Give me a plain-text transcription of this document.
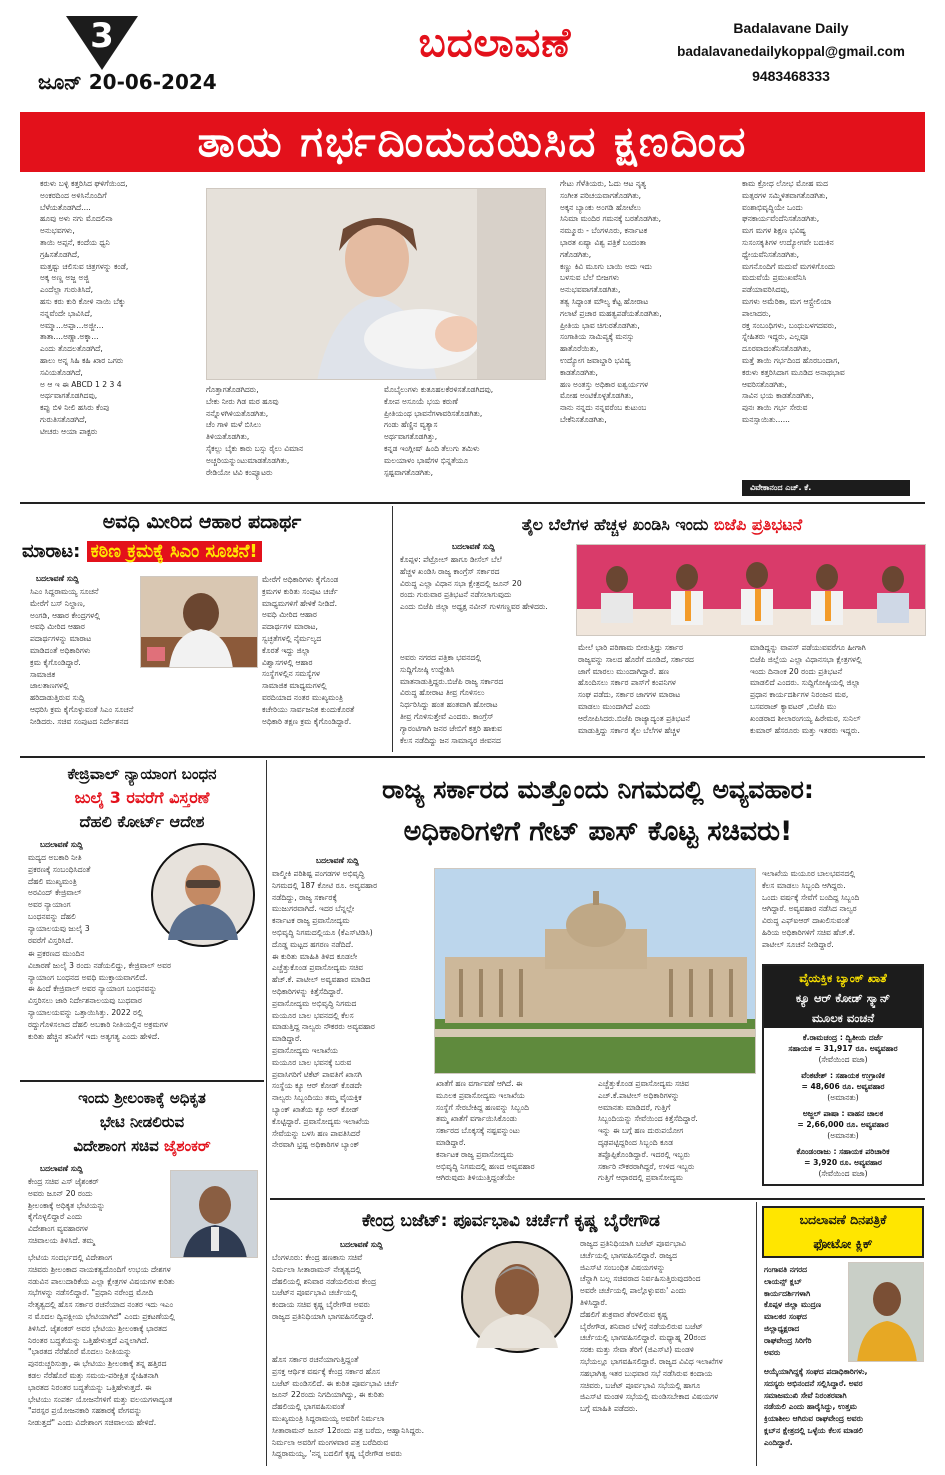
3
ಜೂನ್ 20-06-2024
ಬದಲಾವಣೆ	Badalavane Daily
badalavanedailykoppal@gmail.com
9483468333
ತಾಯ ಗರ್ಭದಿಂದುದಯಿಸಿದ ಕ್ಷಣದಿಂದ
ಕರುಳು ಬಳ್ಳಿ ಕತ್ತರಿಸಿದ ಘಳಿಗೆಯಿಂದ,
ಅಂಕರದಿಂದ ಅಳಿಸಿನೊಂದಿಗೆ
ಬೆಳೆಯತೊಡಗಿದೆ....
ಹೂವು ಅಳು ನಗು ಮೊದಲಿನಾ
ಅನುಭವಗಳು,
ತಾಯಿ ಅಪ್ಪನೆ, ಕಂದೆಯ ಧ್ವನಿ
ಗ್ರಹಿಸತೊಡಗಿದೆ,
ಮತ್ತಷ್ಟು ಚಲಿಸುವ ಚಿತ್ರಗಳನ್ನು ಕಂಡೆ,
ಅಕ್ಕ ಅಣ್ಣ ಅಜ್ಜ ಅಜ್ಜಿ
ಎಂದೆಲ್ಲಾ ಗುರುತಿಸಿದೆ,
ಹಸು ಕರು ಕುರಿ ಕೋಳಿ ನಾಯಿ ಬೆಕ್ಕು
ನನ್ನವೆಂದೇ ಭಾವಿಸಿದೆ,
ಅಮ್ಮಾ...ಅಪ್ಪಾ...ಅಜ್ಜೀ...
ತಾತಾ....ಅಣ್ಣಾ.ಅಕ್ಕಾ...
ಎಂದು ತೊದಲತೊಡಗಿದೆ,
ಹಾಲು ಅನ್ನ ಸಿಹಿ ಕಹಿ ಖಾರ ಒಗರು
ಸವಿಯತೊಡಗಿದೆ,
ಅ ಆ ಇ ಈ ABCD 1 2 3 4
ಅರ್ಥವಾಗತೊಡಗಿದವು,
ಕಪ್ಪು ಬಿಳಿ ನೀಲಿ ಹಸಿರು ಕೆಂಪು
ಗುರುತಿಸತೊಡಗಿದೆ,
ಟೀಚರು ಆಯಾ ಪಾಕ್ಟರು
ಗೊತ್ತಾಗತೊಡಗಿದರು,
ಬೇಕು ನೀರು ಗಿಡ ಮರ ಹೂವು
ನನ್ನೊಳಗಿಳಿಯತೊಡಗಿತು,
ಚೆಂ ಗಾಳಿ ಮಳೆ ಬಿಸಿಲು
ತಿಳಿಯತೊಡಗಿತು,
ಸೈಕಲ್ಲು ಬೈಕು ಕಾರು ಬಸ್ಸು ರೈಲು ವಿಮಾನ
ಅಚ್ಚರಿಯನ್ನುಂಟುಮಾಡತೊಡಗಿತು,
ರೇಡಿಯೋ ಟಿವಿ ಕಂಪ್ಯೂಟರು
ಮೊಬೈಲುಗಳು ಕುತೂಹಲಕೆರಳಿಸತೊಡಗಿದವು,
ಕೋಪ ಅಸೂಯೆ ಭಯ ಕರುಣೆ
ಪ್ರೀತಿಯಂಥ ಭಾವನೆಗಳಾವರಿಸತೊಡಗಿತು,
ಗಂಡು ಹೆಣ್ಣಿನ ವ್ಯತ್ಯಾಸ
ಅರ್ಥವಾಗತೊಡಗಿತ್ತು,
ಕನ್ನಡ ಇಂಗ್ಲೀಷ್ ಹಿಂದಿ ತೆಲುಗು ತಮಿಳು
ಮಲಯಾಳಂ ಭಾಷೆಗಳ ಭಿನ್ನತೆಯೂ
ಸ್ಪಷ್ಟವಾಗತೊಡಗಿತು,
ಗೇಟು ಗೆಳೆತಿಯರು, ಓದು ಆಟ ನೃತ್ಯ
ಸಂಗೀತ ಪರಿಚಯವಾಗತೊಡಗಿತು,
ಅಕ್ಕನ ಬ್ಯಾಂಕು ಅಂಗಡಿ ಹೋಟೆಲು
ಸಿನಿಮಾ ಮಂದಿರ ಗಮನಕ್ಕೆ ಬರತೊಡಗಿತು,
ನಮ್ಮೂರು - ಬೆಂಗಳೂರು, ಕರ್ನಾಟಕ
ಭಾರತ ಏಷ್ಯಾ ವಿಶ್ವ ಪತ್ರಿಕೆ ಬಂದಂತಾ
ಗತೊಡಗಿತು,
ಕಣ್ಣು ಕಿವಿ ಮೂಗು ಬಾಯಿ ಅದು ಇದು
ಬಳಸುವ ಬೆಲೆ ಬೀಜಗಳು
ಅನುಭವವಾಗತೊಡಗಿತು,
ತತ್ವ ಸಿದ್ಧಾಂತ ಮೌಲ್ಯ ಕೆಟ್ಟ ಹೋರಾಟ
ಗಲಾಟೆ ಪ್ರಚಾರ ಮಹತ್ವಪಡೆಯತೊಡಗಿತು,
ಪ್ರೀತಿಯ ಭಾವ ಚಿಗುರತೊಡಗಿತು,
ಸಂಗಾತಿಯ ಸಾಮಿಪ್ಯಕ್ಕೆ ಮನಸ್ಸು
ಹಾತೊರೆಯಿತು,
ಉದ್ಯೋಗ ಜವಾಬ್ದಾರಿ ಭವಿಷ್ಯ
ಕಾಡತೊಡಗಿತು,
ಹಣ ಅಂತಸ್ತು ಅಧಿಕಾರ ಐಶ್ವರ್ಯಗಳ
ಮೋಹ ಅಂಟಿಕೊಳ್ಳತೊಡಗಿತು,
ನಾನು ನನ್ನದು ನನ್ನವರೆಂಬ ಕುಟುಂಬ
ಬೇಕೆನಿಸತೊಡಗಿತು,
ಕಾಮ ಕ್ರೋಧ ಲೋಭ ಮೋಹ ಮದ
ಮತ್ಸರಗಳ ಸಮ್ಮಿಳಿತವಾಗತೊಡಗಿತು,
ವಂಶಾಭಿವೃದ್ಧಿಯೇ ಒಂದು
ಘನಕಾರ್ಯವೆಂದೆನಿಸತೊಡಗಿತು,
ಮಗ ಮಗಳ ಶಿಕ್ಷಣ ಭವಿಷ್ಯ
ಸುಸಂಸಕೃತಿಗಳ ಉದ್ಯೋಗವೇ ಬದುಕಿನ
ಧ್ಯೇಯವೆನಿಸತೊಡಗಿತು,
ಮಗನೊಂದಿಗೆ ಮದುವೆ ಮಗಳಿಗೊಂದು
ಮದುವೆಯೆ ಪ್ರಮುಖವೆನಿಸಿ
ಪಡೆಯಾವರಿಸಿದವು,
ಮಗಳು ಅಮೆರಿಕಾ, ಮಗ ಆಸ್ಟ್ರೇಲಿಯಾ
ಪಾಲಾದರು,
ರಕ್ತ ಸಂಬಂಧಿಗಳು, ಬಂಧುಬಳಗದವರು,
ಸ್ನೇಹಿತರು ಇದ್ದರು, ಎಲ್ಲವೂ
ದೂರವಾದಂತೆನಿಸತೊಡಗಿತು,
ಮತ್ತೆ ತಾಯಿ ಗರ್ಭದಿಂದ ಹೊರಬಂದಾಗ,
ಕರುಳು ಕತ್ತರಿಸಿದಾಗ ಮೂಡಿದ ಅನಾಥಭಾವ
ಆವರಿಸತೊಡಗಿತು,
ಸಾವಿನ ಭಯ ಕಾಡತೊಡಗಿತು,
ಪುನಃ ತಾಯಿ ಗರ್ಭ ಸೇರುವ
ಮನಸ್ಸಾಯಿತು......
ವಿವೇಕಾನಂದ ಎಚ್. ಕೆ.
ಅವಧಿ ಮೀರಿದ ಆಹಾರ ಪದಾರ್ಥ
ಮಾರಾಟ: ಕಠಿಣ ಕ್ರಮಕ್ಕೆ ಸಿಎಂ ಸೂಚನೆ!
ಬದಲಾವಣೆ ಸುದ್ದಿ
ಸಿಎಂ ಸಿದ್ದರಾಮಯ್ಯ ಸೂಚನೆ
ಮೇರೆಗೆ ಬಸ್ ನಿಲ್ದಾಣ,
ಅಂಗಡಿ, ಆಹಾರ ಕೇಂದ್ರಗಳಲ್ಲಿ
ಅವಧಿ ಮೀರಿದ ಆಹಾರ
ಪದಾರ್ಥಗಳನ್ನು ಮಾರಾಟ
ಮಾಡಿದಂತೆ ಅಧಿಕಾರಿಗಳು
ಕ್ರಮ ಕೈಗೊಂಡಿದ್ದಾರೆ.
ಸಾಮಾಜಿಕ
ಜಾಲತಾಣಗಳಲ್ಲಿ
ಹರಿದಾಡುತ್ತಿರುವ ಸುದ್ದಿ
ಆಧರಿಸಿ ಕ್ರಮ ಕೈಗೊಳ್ಳುವಂತೆ ಸಿಎಂ ಸೂಚನೆ
ನೀಡಿದರು. ಸಚಿವ ಸಂಪುಟದ ನಿರ್ದೇಶನದ
ಮೇರೆಗೆ ಅಧಿಕಾರಿಗಳು ಕೈಗೊಂಡ
ಕ್ರಮಗಳ ಕುರಿತು ಸಂಪುಟ ಚರ್ಚೆ
ಮಾಧ್ಯಮಗಳಿಗೆ ಹೇಳಿಕೆ ನೀಡಿದೆ.
ಅವಧಿ ಮೀರಿದ ಆಹಾರ
ಪದಾರ್ಥಗಳ ಮಾರಾಟ,
ಸ್ವಚ್ಛತೆಗಳಲ್ಲಿ ನೈರ್ಮಲ್ಯದ
ಕೊರತೆ ಇದ್ದು ಜಿಲ್ಲಾ
ವಿಶ್ವಾಸಗಳಲ್ಲಿ ಆಹಾರ
ಸಂಸ್ಥೆಗಳಲ್ಲಿನ ಸಮಸ್ಯೆಗಳ
ಸಾಮಾಜಿಕ ಮಾಧ್ಯಮಗಳಲ್ಲಿ
ವರದಿಯಾದ ನಂತರ ಮುಖ್ಯಮಂತ್ರಿ
ಕಚೇರಿಯು ಸಾರ್ವಜನಿಕ ಕುಂದುಕೊರತೆ
ಅಧಿಕಾರಿ ತಕ್ಷಣ ಕ್ರಮ ಕೈಗೊಂಡಿದ್ದಾರೆ.
ತೈಲ ಬೆಲೆಗಳ ಹೆಚ್ಚಳ ಖಂಡಿಸಿ ಇಂದು ಬಿಜೆಪಿ ಪ್ರತಿಭಟನೆ
ಬದಲಾವಣೆ ಸುದ್ದಿ
ಕೊಪ್ಪಳ: ಪೆಟ್ರೋಲ್ ಹಾಗೂ ಡೀಸೆಲ್ ಬೆಲೆ
ಹೆಚ್ಚಳ ಖಂಡಿಸಿ ರಾಜ್ಯ ಕಾಂಗ್ರೆಸ್ ಸರ್ಕಾರದ
ವಿರುದ್ಧ ಎಲ್ಲಾ ವಿಧಾನ ಸಭಾ ಕ್ಷೇತ್ರದಲ್ಲಿ ಜೂನ್ 20
ರಂದು ಗುರುವಾರ ಪ್ರತಿಭಟನೆ ನಡೆಸಲಾಗುವುದು
ಎಂದು ಬಿಜೆಪಿ ಜಿಲ್ಲಾ ಅಧ್ಯಕ್ಷ ನವೀನ್ ಗುಳಗಣ್ಣವರ ಹೇಳಿದರು.
ಅವರು ನಗರದ ಪತ್ರಿಕಾ ಭವನದಲ್ಲಿ
ಸುದ್ದಿಗೋಷ್ಠಿ ಉದ್ದೇಶಿಸಿ
ಮಾತನಾಡುತ್ತಿದ್ದರು.ಬಿಜೆಪಿ ರಾಜ್ಯ ಸರ್ಕಾರದ
ವಿರುದ್ಧ ಹೋರಾಟ ತೀವ್ರ ಗೊಳಿಸಲು
ನಿರ್ಧರಿಸಿದ್ದು ಹಂತ ಹಂತವಾಗಿ ಹೋರಾಟ
ತೀವ್ರ ಗೊಳಿಸುತ್ತೇವೆ ಎಂದರು. ಕಾಂಗ್ರೆಸ್
ಗ್ಯಾರಂಟಿಗಾಗಿ ಜನರ ಜೇಬಿಗೆ ಕತ್ತರಿ ಹಾಕುವ
ಕೆಲಸ ನಡೆದಿದ್ದು ಜನ ಸಾಮಾನ್ಯರ ಜೀವನದ
ಮೇಲೆ ಭಾರಿ ಪರಿಣಾಮ ಬೀರುತ್ತಿದ್ದು ಸರ್ಕಾರ
ರಾಜ್ಯವನ್ನು ಸಾಲದ ಹೊರೆಗೆ ದೂಡಿದೆ, ಸರ್ಕಾರದ
ಜಾಗೆ ಮಾರಲು ಮುಂದಾಗಿದ್ದಾರೆ. ಹಣ
ಹೊಂದಿಸಲು ಸರ್ಕಾರ ಪಾಸ್‌ಗೆ ಕಂಪನಿಗಳ
ಸಂಘ ಪಡೆದು, ಸರ್ಕಾರ ಜಾಗಗಳ ಮಾರಾಟ
ಮಾಡಲು ಮುಂದಾಗಿದೆ ಎಂದು
ಆರೋಪಿಸಿದರು.ಬಿಜೆಪಿ ರಾಜ್ಯಾದ್ಯಂತ ಪ್ರತಿಭಟನೆ
ಮಾಡುತ್ತಿದ್ದು ಸರ್ಕಾರ ತೈಲ ಬೆಲೆಗಳ ಹೆಚ್ಚಳ
ಮಾಡಿದ್ದನ್ನು ವಾಪಸ್ ಪಡೆಯುವವರೆಗೂ ಹೀಗಾಗಿ
ಬಿಜೆಪಿ ಜಿಲ್ಲೆಯ ಎಲ್ಲಾ ವಿಧಾನಸಭಾ ಕ್ಷೇತ್ರಗಳಲ್ಲಿ
ಇಂದು ದಿನಾಂಕ 20 ರಂದು ಪ್ರತಿಭಟನೆ
ಮಾಡಲಿದೆ ಎಂದರು. ಸುದ್ದಿಗೋಷ್ಠಿಯಲ್ಲಿ ಜಿಲ್ಲಾ
ಪ್ರಧಾನ ಕಾರ್ಯದರ್ಶಿಗಳ ನಿರಂಜನ ಮಠ,
ಬಸವರಾಜ್ ಕ್ಯಾವಟರ್ ,ಬಿಜೆಪಿ ಮು
ಖಂಡರಾದ ಶೀಲಾರಂಗಯ್ಯ ಹಿರೇಮಠ, ಸುನಿಲ್
ಕುಮಾರ್ ಹೆಸರೂರು ಮತ್ತು ಇತರರು ಇದ್ದರು.
ಕೇಜ್ರಿವಾಲ್ ನ್ಯಾಯಾಂಗ ಬಂಧನ
ಜುಲೈ 3 ರವರೆಗೆ ವಿಸ್ತರಣೆ
ದೆಹಲಿ ಕೋರ್ಟ್ ಆದೇಶ
ಬದಲಾವಣೆ ಸುದ್ದಿ
ಮದ್ಯದ ಅಬಕಾರಿ ನೀತಿ
ಪ್ರಕರಣಕ್ಕೆ ಸಂಬಂಧಿಸಿದಂತೆ
ದೆಹಲಿ ಮುಖ್ಯಮಂತ್ರಿ
ಅರವಿಂದ್ ಕೇಜ್ರಿವಾಲ್
ಅವರ ನ್ಯಾಯಾಂಗ
ಬಂಧನವನ್ನು ದೆಹಲಿ
ನ್ಯಾಯಾಲಯವು ಜುಲೈ 3
ರವರೆಗೆ ವಿಸ್ತರಿಸಿದೆ.
ಈ ಪ್ರಕರಣದ ಮುಂದಿನ
ವಿಚಾರಣೆ ಜುಲೈ 3 ರಂದು ನಡೆಯಲಿದ್ದು, ಕೇಜ್ರಿವಾಲ್ ಅವರ
ನ್ಯಾಯಾಂಗ ಬಂಧನದ ಅವಧಿ ಮುಕ್ತಾಯವಾಗಲಿದೆ.
ಈ ಹಿಂದೆ ಕೇಜ್ರಿವಾಲ್ ಅವರ ನ್ಯಾಯಾಂಗ ಬಂಧನವನ್ನು
ವಿಸ್ತರಿಸಲು ಜಾರಿ ನಿರ್ದೇಶನಾಲಯವು ಬುಧವಾರ
ನ್ಯಾಯಾಲಯವನ್ನು ಒತ್ತಾಯಿಸಿತ್ತು. 2022 ರಲ್ಲಿ
ರದ್ದುಗೊಳಿಸಲಾದ ದೆಹಲಿ ಅಬಕಾರಿ ನೀತಿಯಲ್ಲಿನ ಅಕ್ರಮಗಳ
ಕುರಿತು ಹೆಚ್ಚಿನ ತನಿಖೆಗೆ ಇದು ಅತ್ಯಗತ್ಯ ಎಂದು ಹೇಳಿದೆ.
ಇಂದು ಶ್ರೀಲಂಕಾಕ್ಕೆ ಅಧಿಕೃತ
ಭೇಟಿ ನೀಡಲಿರುವ
ವಿದೇಶಾಂಗ ಸಚಿವ ಜೈಶಂಕರ್
ಬದಲಾವಣೆ ಸುದ್ದಿ
ಕೇಂದ್ರ ಸಚಿವ ಎಸ್ ಜೈಶಂಕರ್
ಅವರು ಜೂನ್ 20 ರಂದು
ಶ್ರೀಲಂಕಾಕ್ಕೆ ಅಧಿಕೃತ ಭೇಟಿಯನ್ನು
ಕೈಗೊಳ್ಳಲಿದ್ದಾರೆ ಎಂದು
ವಿದೇಶಾಂಗ ವ್ಯವಹಾರಗಳ
ಸಚಿವಾಲಯ ತಿಳಿಸಿದೆ. ತಮ್ಮ
ಭೇಟಿಯ ಸಂದರ್ಭದಲ್ಲಿ ವಿದೇಶಾಂಗ
ಸಚಿವರು ಶ್ರೀಲಂಕಾದ ನಾಯಕತ್ವದೊಂದಿಗೆ ಉಭಯ ದೇಶಗಳ
ನಡುವಿನ ಪಾಲುದಾರಿಕೆಯ ಎಲ್ಲಾ ಕ್ಷೇತ್ರಗಳ ವಿಷಯಗಳ ಕುರಿತು
ಸಭೆಗಳನ್ನು ನಡೆಸಲಿದ್ದಾರೆ. "ಪ್ರಧಾನಿ ನರೇಂದ್ರ ಮೋದಿ
ನೇತೃತ್ವದಲ್ಲಿ ಹೊಸ ಸರ್ಕಾರ ರಚನೆಯಾದ ನಂತರ ಇದು ಇಎಂ
ನ ಮೊದಲ ದ್ವಿಪಕ್ಷೀಯ ಭೇಟಿಯಾಗಿದೆ" ಎಂದು ಪ್ರಕಟಣೆಯಲ್ಲಿ
ತಿಳಿಸಿದೆ. ಜೈಶಂಕರ್ ಅವರ ಭೇಟಿಯು ಶ್ರೀಲಂಕಾಕ್ಕೆ ಭಾರತದ
ನಿರಂತರ ಬದ್ಧತೆಯನ್ನು ಒತ್ತಿಹೇಳುತ್ತದೆ ಎನ್ನಲಾಗಿದೆ.
"ಭಾರತದ ನೆರೆಹೊರೆ ಮೊದಲು ನೀತಿಯನ್ನು
ಪುನರುಚ್ಚರಿಸುತ್ತಾ, ಈ ಭೇಟಿಯು ಶ್ರೀಲಂಕಾಕ್ಕೆ ತನ್ನ ಹತ್ತಿರದ
ಕಡಲ ನೆರೆಹೊರೆ ಮತ್ತು ಸಮಯ-ಪರೀಕ್ಷಿತ ಸ್ನೇಹಿತನಾಗಿ
ಭಾರತದ ನಿರಂತರ ಬದ್ಧತೆಯನ್ನು ಒತ್ತಿಹೇಳುತ್ತದೆ. ಈ
ಭೇಟಿಯು ಸಂಪರ್ಕ ಯೋಜನೆಗಳಿಗೆ ಮತ್ತು ವಲಯಗಳಾದ್ಯಂತ
"ಪರಸ್ಪರ ಪ್ರಯೋಜನಕಾರಿ ಸಹಕಾರಕ್ಕೆ ವೇಗವನ್ನು
ನೀಡುತ್ತದೆ" ಎಂದು ವಿದೇಶಾಂಗ ಸಚಿವಾಲಯ ಹೇಳಿದೆ.
ರಾಜ್ಯ ಸರ್ಕಾರದ ಮತ್ತೊಂದು ನಿಗಮದಲ್ಲಿ ಅವ್ಯವಹಾರ:
ಅಧಿಕಾರಿಗಳಿಗೆ ಗೇಟ್ ಪಾಸ್ ಕೊಟ್ಟ ಸಚಿವರು!
ಬದಲಾವಣೆ ಸುದ್ದಿ
ವಾಲ್ಮೀಕಿ ಪರಿಶಿಷ್ಟ ಪಂಗಡಗಳ ಅಭಿವೃದ್ಧಿ
ನಿಗಮದಲ್ಲಿ 187 ಕೋಟಿ ರೂ. ಅವ್ಯವಹಾರ
ನಡೆದಿದ್ದು, ರಾಜ್ಯ ಸರ್ಕಾರಕ್ಕೆ
ಮುಜುಗರವಾಗಿದೆ. ಇದರ ಬೆನ್ನಲ್ಲೇ
ಕರ್ನಾಟಕ ರಾಜ್ಯ ಪ್ರವಾಸೋದ್ಯಮ
ಅಭಿವೃದ್ಧಿ ನಿಗಮದಲ್ಲಿಯೂ (ಕೆಎಸ್‌ಟಿಡಿಸಿ)
ದೊಡ್ಡ ಮಟ್ಟದ ಹಗರಣ ನಡೆದಿದೆ.
ಈ ಕುರಿತು ಮಾಹಿತಿ ತಿಳಿದ ಕೂಡಲೇ
ಎಚ್ಚೆತ್ತುಕೊಂಡ ಪ್ರವಾಸೋದ್ಯಮ ಸಚಿವ
ಹೆಚ್.ಕೆ. ಪಾಟೀಲ್ ಅವ್ಯವಹಾರ ಮಾಡಿದ
ಅಧಿಕಾರಿಗಳನ್ನು ಕಿತ್ತೆಸೆದಿದ್ದಾರೆ.
ಪ್ರವಾಸೋದ್ಯಮ ಅಭಿವೃದ್ಧಿ ನಿಗಮದ
ಮಯೂರ ಬಾಲ ಭವನದಲ್ಲಿ ಕೆಲಸ
ಮಾಡುತ್ತಿದ್ದ ನಾಲ್ವರು ನೌಕರರು ಅವ್ಯವಹಾರ
ಮಾಡಿದ್ದಾರೆ.
ಪ್ರವಾಸೋದ್ಯಮ ಇಲಾಖೆಯ
ಮಯೂರ ಬಾಲ ಭವನಕ್ಕೆ ಬರುವ
ಪ್ರವಾಸಿಗರಿಗೆ ಟಿಕೆಟ್ ಪಾವತಿಗೆ ಖಾಸಗಿ
ಸಂಸ್ಥೆಯ ಕ್ಯೂ ಆರ್ ಕೋಡ್ ಕೊಡದೇ
ನಾಲ್ವರು ಸಿಬ್ಬಂದಿಯು ತಮ್ಮ ವೈಯಕ್ತಿಕ
ಬ್ಯಾಂಕ್ ಖಾತೆಯ ಕ್ಯೂ ಆರ್ ಕೋಡ್
ಕೊಟ್ಟಿದ್ದಾರೆ. ಪ್ರವಾಸೋದ್ಯಮ ಇಲಾಖೆಯ
ಸೇವೆಯನ್ನು ಬಳಸಿ ಹಣ ಪಾವತಿಸಿದರೆ
ನೇರವಾಗಿ ಭ್ರಷ್ಟ ಅಧಿಕಾರಿಗಳ ಬ್ಯಾಂಕ್
ಖಾತೆಗೆ ಹಣ ವರ್ಗಾವಣೆ ಆಗಿದೆ. ಈ
ಮೂಲಕ ಪ್ರವಾಸೋದ್ಯಮ ಇಲಾಖೆಯ
ಸಂಸ್ಥೆಗೆ ಸೇರಬೇಕಿದ್ದ ಹಣವನ್ನು ಸಿಬ್ಬಂದಿ
ತಮ್ಮ ಖಾತೆಗೆ ವರ್ಗಾಯಿಸಿಕೊಂಡು
ಸರ್ಕಾರದ ಬೊಕ್ಕಸಕ್ಕೆ ನಷ್ಟವನ್ನುಂಟು
ಮಾಡಿದ್ದಾರೆ.
ಕರ್ನಾಟಕ ರಾಜ್ಯ ಪ್ರವಾಸೋದ್ಯಮ
ಅಭಿವೃದ್ಧಿ ನಿಗಮದಲ್ಲಿ ಹಣದ ಅವ್ಯವಹಾರ
ಆಗಿರುವುದು ತಿಳಿಯುತ್ತಿದ್ದಂತೆಯೇ
ಎಚ್ಚೆತ್ತುಕೊಂಡ ಪ್ರವಾಸೋದ್ಯಮ ಸಚಿವ
ಎಚ್.ಕೆ.ಪಾಟೀಲ್ ಅಧಿಕಾರಿಗಳನ್ನು
ಅಮಾನತು ಮಾಡಿದರೆ, ಗುತ್ತಿಗೆ
ಸಿಬ್ಬಂದಿಯನ್ನು ಸೇವೆಯಿಂದ ಕಿತ್ತೆಸೆದಿದ್ದಾರೆ.
ಇನ್ನು ಈ ಬಗ್ಗೆ ಹಣ ದುರುಪಯೋಗ
ದೃಢಪಟ್ಟಿದ್ದರಿಂದ ಸಿಬ್ಬಂದಿ ಕೂಡ
ತಪ್ಪೊಪ್ಪಿಕೊಂಡಿದ್ದಾರೆ. ಇದರಲ್ಲಿ ಇಬ್ಬರು
ಸರ್ಕಾರಿ ನೌಕರರಾಗಿದ್ದರೆ, ಉಳಿದ ಇಬ್ಬರು
ಗುತ್ತಿಗೆ ಆಧಾರದಲ್ಲಿ ಪ್ರವಾಸೋದ್ಯಮ
ಇಲಾಖೆಯ ಮಯೂರ ಬಾಲಭವನದಲ್ಲಿ
ಕೆಲಸ ಮಾಡಲು ಸಿಬ್ಬಂದಿ ಆಗಿದ್ದರು.
ಒಂದು ವರ್ಷಕ್ಕೆ ಸೇವೆಗೆ ಬಂದಿದ್ದ ಸಿಬ್ಬಂದಿ
ಆಗಿದ್ದಾರೆ. ಅವ್ಯವಹಾರ ನಡೆಸಿದ ನಾಲ್ವರ
ವಿರುದ್ಧ ಎಫ್‌ಐಆರ್ ದಾಖಲಿಸುವಂತೆ
ಹಿರಿಯ ಅಧಿಕಾರಿಗಳಿಗೆ ಸಚಿವ ಹೆಚ್.ಕೆ.
ಪಾಟೀಲ್ ಸೂಚನೆ ನೀಡಿದ್ದಾರೆ.
ವೈಯಕ್ತಿಕ ಬ್ಯಾಂಕ್ ಖಾತೆ
ಕ್ಯೂ ಆರ್ ಕೋಡ್ ಸ್ಕ್ಯಾನ್
ಮೂಲಕ ವಂಚನೆ
ಕೆ.ರಾಮಚಂದ್ರ : ದ್ವಿತೀಯ ದರ್ಜೆ
ಸಹಾಯಕ = 31,917 ರೂ. ಅವ್ಯವಹಾರ
(ಸೇವೆಯಿಂದ ವಜಾ)
ವೆಂಕಟೇಶ್ : ಸಹಾಯಕ ಉಗ್ರಾಣಿಕ
= 48,606 ರೂ. ಅವ್ಯವಹಾರ
(ಅಮಾನತು)
ಅಜ್ಜಲ್ ಪಾಷಾ : ವಾಹನ ಚಾಲಕ
= 2,66,000 ರೂ. ಅವ್ಯವಹಾರ
(ಅಮಾನತು)
ಕೊಂಡಂರಾಜು : ಸಹಾಯಕ ಪರಿಚಾರಿಕ
= 3,920 ರೂ. ಅವ್ಯವಹಾರ
(ಸೇವೆಯಿಂದ ವಜಾ)
ಕೇಂದ್ರ ಬಜೆಟ್: ಪೂರ್ವಭಾವಿ ಚರ್ಚೆಗೆ ಕೃಷ್ಣ ಬೈರೇಗೌಡ
ಬದಲಾವಣೆ ಸುದ್ದಿ
ಬೆಂಗಳೂರು: ಕೇಂದ್ರ ಹಣಕಾಸು ಸಚಿವೆ
ನಿರ್ಮಲಾ ಸೀತಾರಾಮನ್ ನೇತೃತ್ವದಲ್ಲಿ
ದೆಹಲಿಯಲ್ಲಿ ಶನಿವಾರ ನಡೆಯಲಿರುವ ಕೇಂದ್ರ
ಬಜೆಟ್‌ನ ಪೂರ್ವಭಾವಿ ಚರ್ಚೆಯಲ್ಲಿ
ಕಂದಾಯ ಸಚಿವ ಕೃಷ್ಣ ಬೈರೇಗೌಡ ಅವರು
ರಾಜ್ಯದ ಪ್ರತಿನಿಧಿಯಾಗಿ ಭಾಗವಹಿಸಲಿದ್ದಾರೆ.
ಹೊಸ ಸರ್ಕಾರ ರಚನೆಯಾಗುತ್ತಿದ್ದಂತೆ
ಪ್ರಸಕ್ತ ಆರ್ಥಿಕ ವರ್ಷಕ್ಕೆ ಕೇಂದ್ರ ಸರ್ಕಾರ ಹೊಸ
ಬಜೆಟ್ ಮಂಡಿಸಲಿದೆ. ಈ ಕುರಿತ ಪೂರ್ವಭಾವಿ ಚರ್ಚೆ
ಜೂನ್ 22ರಂದು ನಿಗದಿಯಾಗಿದ್ದು, ಈ ಕುರಿತು
ದೆಹಲಿಯಲ್ಲಿ ಭಾಗವಹಿಸುವಂತೆ
ಮುಖ್ಯಮಂತ್ರಿ ಸಿದ್ದರಾಮಯ್ಯ ಅವರಿಗೆ ನಿರ್ಮಲಾ
ಸೀತಾರಾಮನ್ ಜೂನ್ 12ರಂದು ಪತ್ರ ಬರೆದು, ಆಹ್ವಾನಿಸಿದ್ದರು.
ನಿರ್ಮಲಾ ಅವರಿಗೆ ಮಂಗಳವಾರ ಪತ್ರ ಬರೆದಿರುವ
ಸಿದ್ದರಾಮಯ್ಯ, 'ನನ್ನ ಬದಲಿಗೆ ಕೃಷ್ಣ ಬೈರೇಗೌಡ ಅವರು
ರಾಜ್ಯದ ಪ್ರತಿನಿಧಿಯಾಗಿ ಬಜೆಟ್ ಪೂರ್ವಭಾವಿ
ಚರ್ಚೆಯಲ್ಲಿ ಭಾಗವಹಿಸಲಿದ್ದಾರೆ. ರಾಜ್ಯದ
ಜಿಎಸ್‌ಟಿ ಸಂಬಂಧಿತ ವಿಷಯಗಳನ್ನು
ಚೆನ್ನಾಗಿ ಬಲ್ಲ ಸಚಿವರಾದ ನಿರ್ವಹಿಸುತ್ತಿರುವುದರಿಂದ
ಅವರೇ ಚರ್ಚೆಯಲ್ಲಿ ಪಾಲ್ಗೊಳ್ಳುವರು' ಎಂದು
ತಿಳಿಸಿದ್ದಾರೆ.
ದೆಹಲಿಗೆ ಶುಕ್ರವಾರ ತೆರಳಲಿರುವ ಕೃಷ್ಣ
ಬೈರೇಗೌಡ, ಶನಿವಾರ ಬೆಳಿಗ್ಗೆ ನಡೆಯಲಿರುವ ಬಜೆಟ್
ಚರ್ಚೆಯಲ್ಲಿ ಭಾಗವಹಿಸಲಿದ್ದಾರೆ. ಮಧ್ಯಾಹ್ನ 20ರಂದ
ಸರಕು ಮತ್ತು ಸೇವಾ ತೆರಿಗೆ (ಜಿಎಸ್‌ಟಿ) ಮಂಡಳಿ
ಸಭೆಯಲ್ಲೂ ಭಾಗವಹಿಸಲಿದ್ದಾರೆ. ರಾಜ್ಯದ ವಿವಿಧ ಇಲಾಖೆಗಳ
ಸಹಭಾಗಿತ್ವ ಇತರ ಬುಧವಾರ ಸಭೆ ನಡೆಸಿರುವ ಕಂದಾಯ
ಸಚಿವರು, ಬಜೆಟ್ ಪೂರ್ವಭಾವಿ ಸಭೆಯಲ್ಲಿ ಹಾಗೂ
ಜಿಎಸ್‌ಟಿ ಮಂಡಳಿ ಸಭೆಯಲ್ಲಿ ಮಂಡಿಸಬೇಕಾದ ವಿಷಯಗಳ
ಬಗ್ಗೆ ಮಾಹಿತಿ ಪಡೆದರು.
ಬದಲಾವಣೆ ದಿನಪತ್ರಿಕೆ
ಫೋಟೋ ಕ್ಲಿಕ್
ಗಂಗಾವತಿ ನಗರದ
ಲಾಯನ್ಸ್ ಕ್ಲಬ್
ಕಾರ್ಯದರ್ಶಿಗಳಾಗಿ
ಕೊಪ್ಪಳ ಜಿಲ್ಲಾ ಮುದ್ರಣ
ಮಾಲಕರ ಸಂಘದ
ಜಿಲ್ಲಾಧ್ಯಕ್ಷರಾದ
ರಾಘವೇಂದ್ರ ಸಿರಿಗೆರಿ
ಅವರು
ಆಯ್ಕೆಯಾಗಿದ್ದಕ್ಕೆ ಸಂಘದ ಪದಾಧಿಕಾರಿಗಳು,
ಸದಸ್ಯರು ಅಭಿನಂದನೆ ಸಲ್ಲಿಸಿದ್ದಾರೆ. ಅವರ
ಸಮಾಜಮುಖಿ ಸೇವೆ ನಿರಂತರವಾಗಿ
ನಡೆಯಲಿ ಎಂದು ಹಾರೈಸಿದ್ದು, ಉತ್ತಮ
ಕ್ರಿಯಾಶೀಲ ಆಗಿರುವ ರಾಘವೇಂದ್ರ ಅವರು
ಕ್ಲಬ್‌ನ ಕ್ಷೇತ್ರದಲ್ಲಿ ಒಳ್ಳೆಯ ಕೆಲಸ ಮಾಡಲಿ
ಎಂದಿದ್ದಾರೆ.
